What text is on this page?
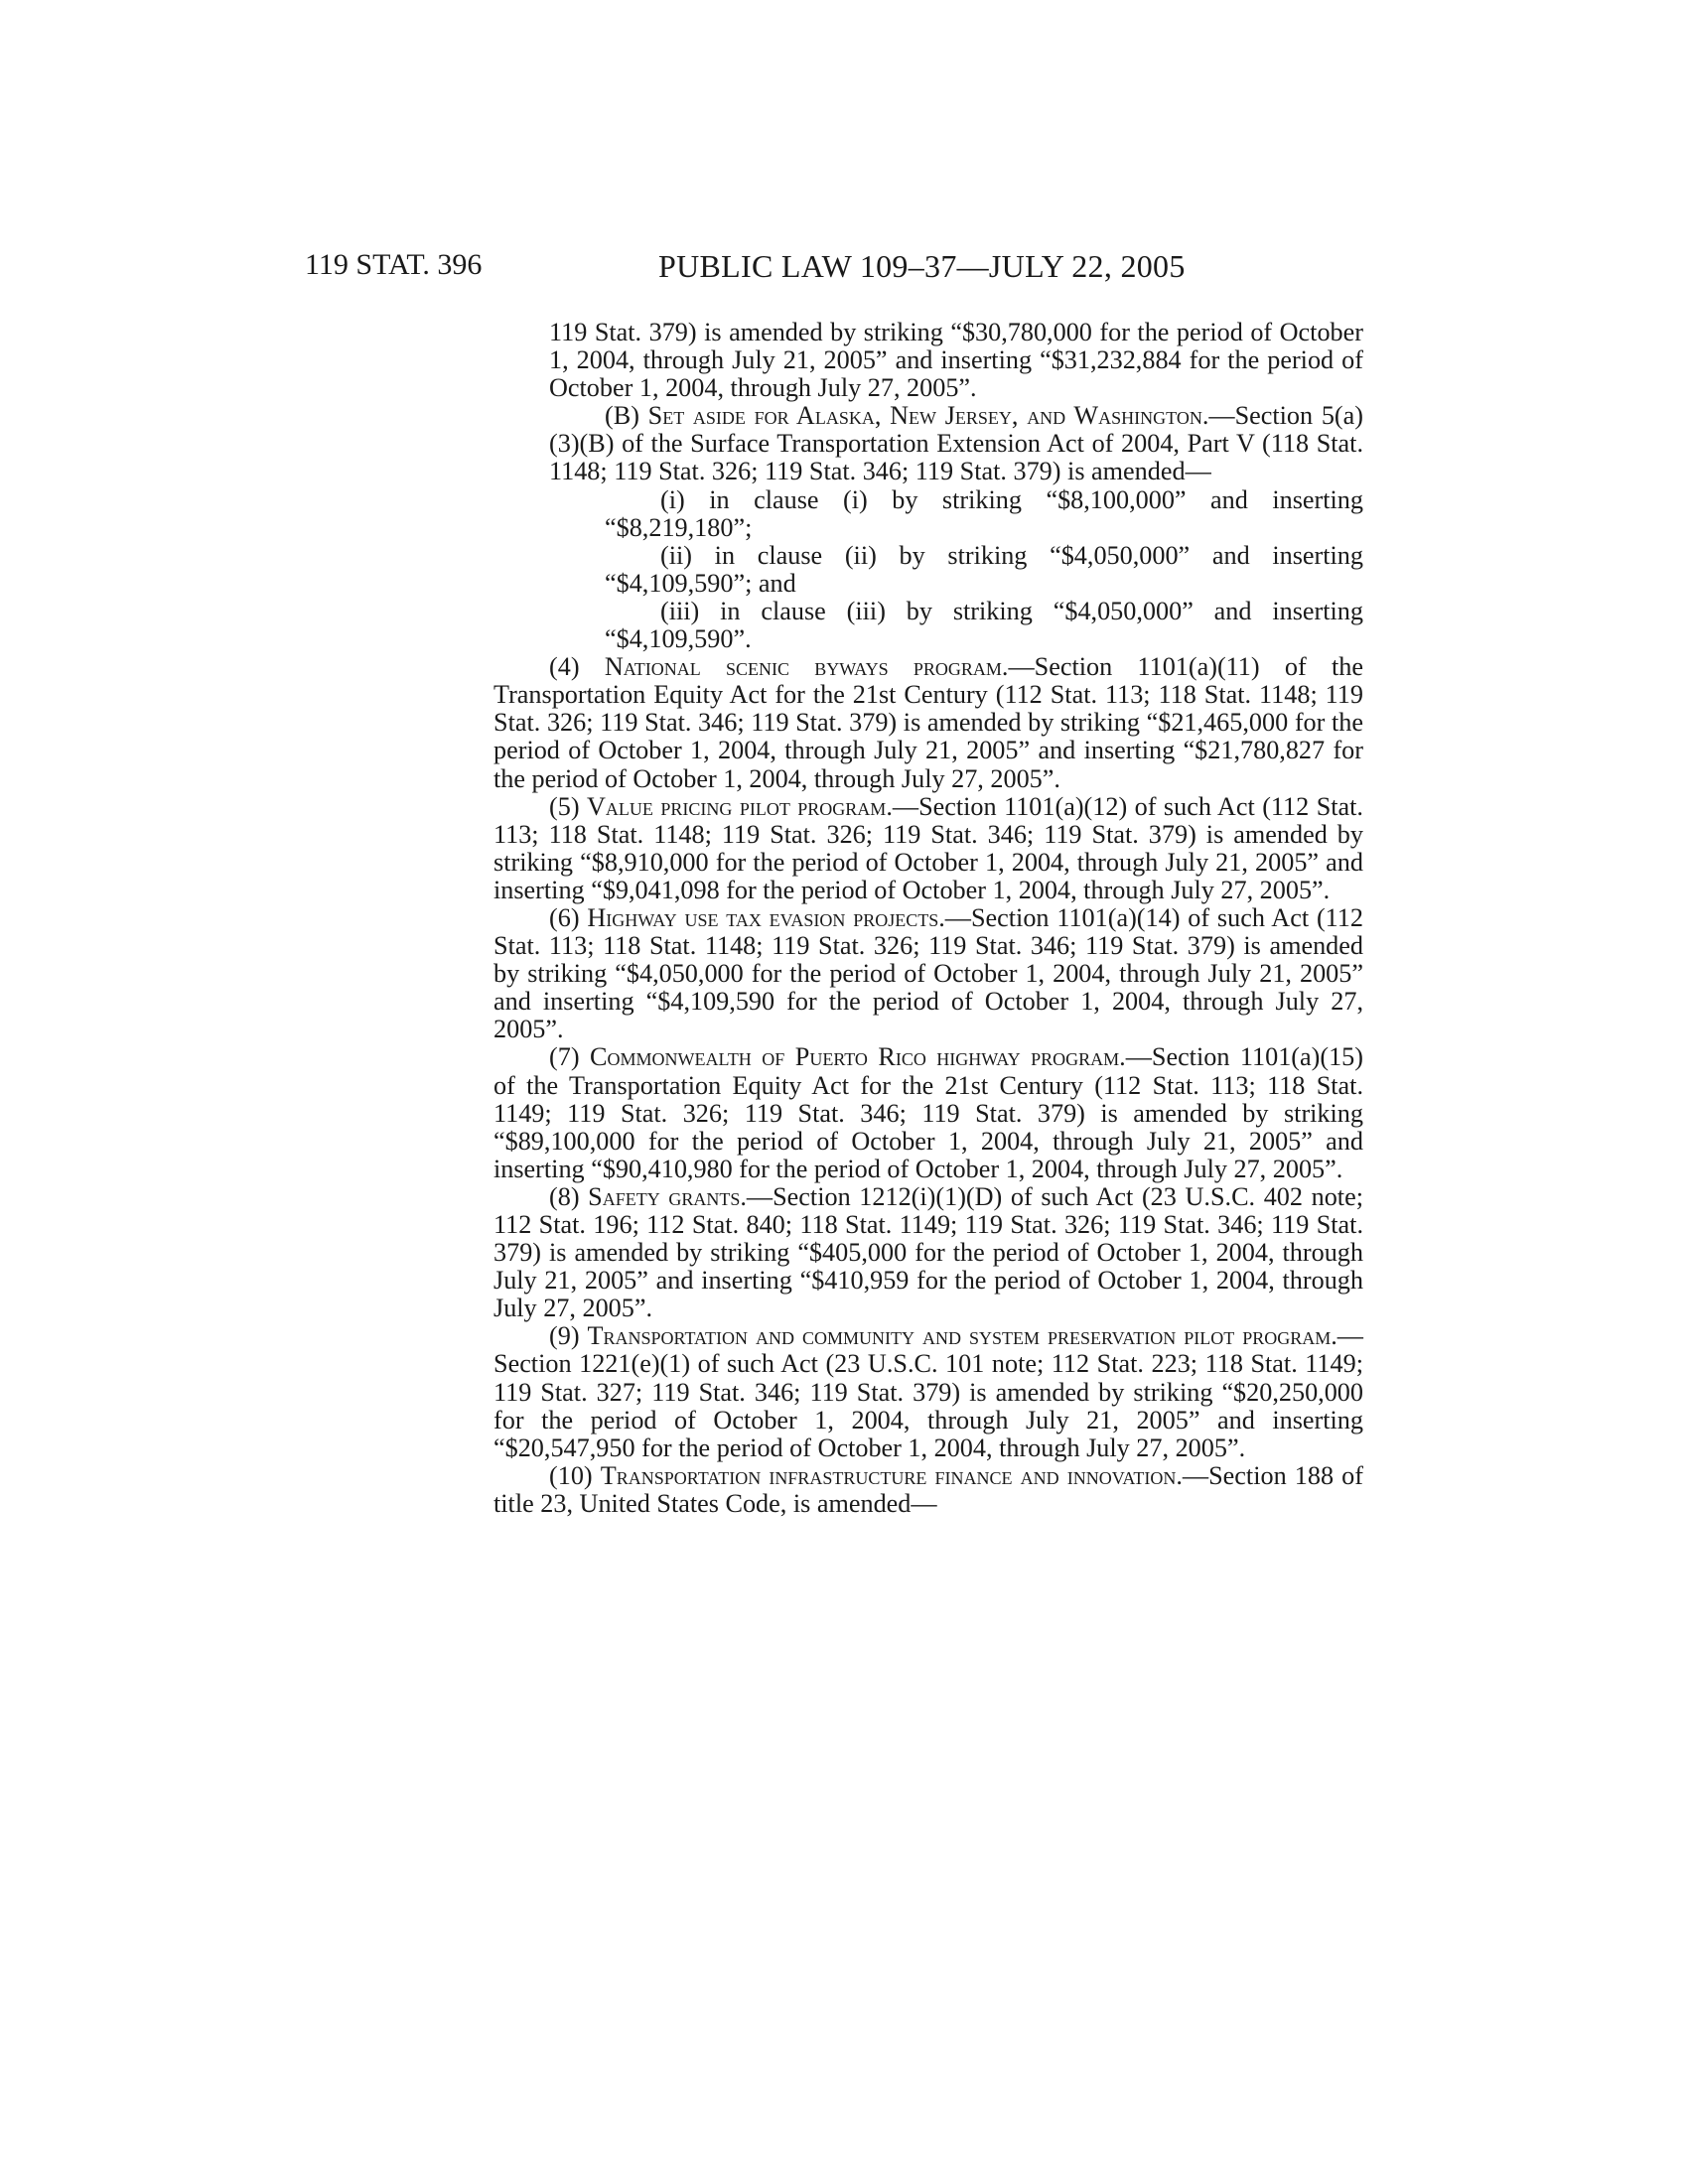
119 STAT. 396	PUBLIC LAW 109–37—JULY 22, 2005

119 Stat. 379) is amended by striking “$30,780,000 for the period of October 1, 2004, through July 21, 2005” and inserting “$31,232,884 for the period of October 1, 2004, through July 27, 2005”.

(B) Set aside for Alaska, New Jersey, and Washington.—Section 5(a)(3)(B) of the Surface Transportation Extension Act of 2004, Part V (118 Stat. 1148; 119 Stat. 326; 119 Stat. 346; 119 Stat. 379) is amended—

(i) in clause (i) by striking “$8,100,000” and inserting “$8,219,180”;

(ii) in clause (ii) by striking “$4,050,000” and inserting “$4,109,590”; and

(iii) in clause (iii) by striking “$4,050,000” and inserting “$4,109,590”.

(4) National scenic byways program.—Section 1101(a)(11) of the Transportation Equity Act for the 21st Century (112 Stat. 113; 118 Stat. 1148; 119 Stat. 326; 119 Stat. 346; 119 Stat. 379) is amended by striking “$21,465,000 for the period of October 1, 2004, through July 21, 2005” and inserting “$21,780,827 for the period of October 1, 2004, through July 27, 2005”.

(5) Value pricing pilot program.—Section 1101(a)(12) of such Act (112 Stat. 113; 118 Stat. 1148; 119 Stat. 326; 119 Stat. 346; 119 Stat. 379) is amended by striking “$8,910,000 for the period of October 1, 2004, through July 21, 2005” and inserting “$9,041,098 for the period of October 1, 2004, through July 27, 2005”.

(6) Highway use tax evasion projects.—Section 1101(a)(14) of such Act (112 Stat. 113; 118 Stat. 1148; 119 Stat. 326; 119 Stat. 346; 119 Stat. 379) is amended by striking “$4,050,000 for the period of October 1, 2004, through July 21, 2005” and inserting “$4,109,590 for the period of October 1, 2004, through July 27, 2005”.

(7) Commonwealth of Puerto Rico highway program.—Section 1101(a)(15) of the Transportation Equity Act for the 21st Century (112 Stat. 113; 118 Stat. 1149; 119 Stat. 326; 119 Stat. 346; 119 Stat. 379) is amended by striking “$89,100,000 for the period of October 1, 2004, through July 21, 2005” and inserting “$90,410,980 for the period of October 1, 2004, through July 27, 2005”.

(8) Safety grants.—Section 1212(i)(1)(D) of such Act (23 U.S.C. 402 note; 112 Stat. 196; 112 Stat. 840; 118 Stat. 1149; 119 Stat. 326; 119 Stat. 346; 119 Stat. 379) is amended by striking “$405,000 for the period of October 1, 2004, through July 21, 2005” and inserting “$410,959 for the period of October 1, 2004, through July 27, 2005”.

(9) Transportation and community and system preservation pilot program.—Section 1221(e)(1) of such Act (23 U.S.C. 101 note; 112 Stat. 223; 118 Stat. 1149; 119 Stat. 327; 119 Stat. 346; 119 Stat. 379) is amended by striking “$20,250,000 for the period of October 1, 2004, through July 21, 2005” and inserting “$20,547,950 for the period of October 1, 2004, through July 27, 2005”.

(10) Transportation infrastructure finance and innovation.—Section 188 of title 23, United States Code, is amended—
